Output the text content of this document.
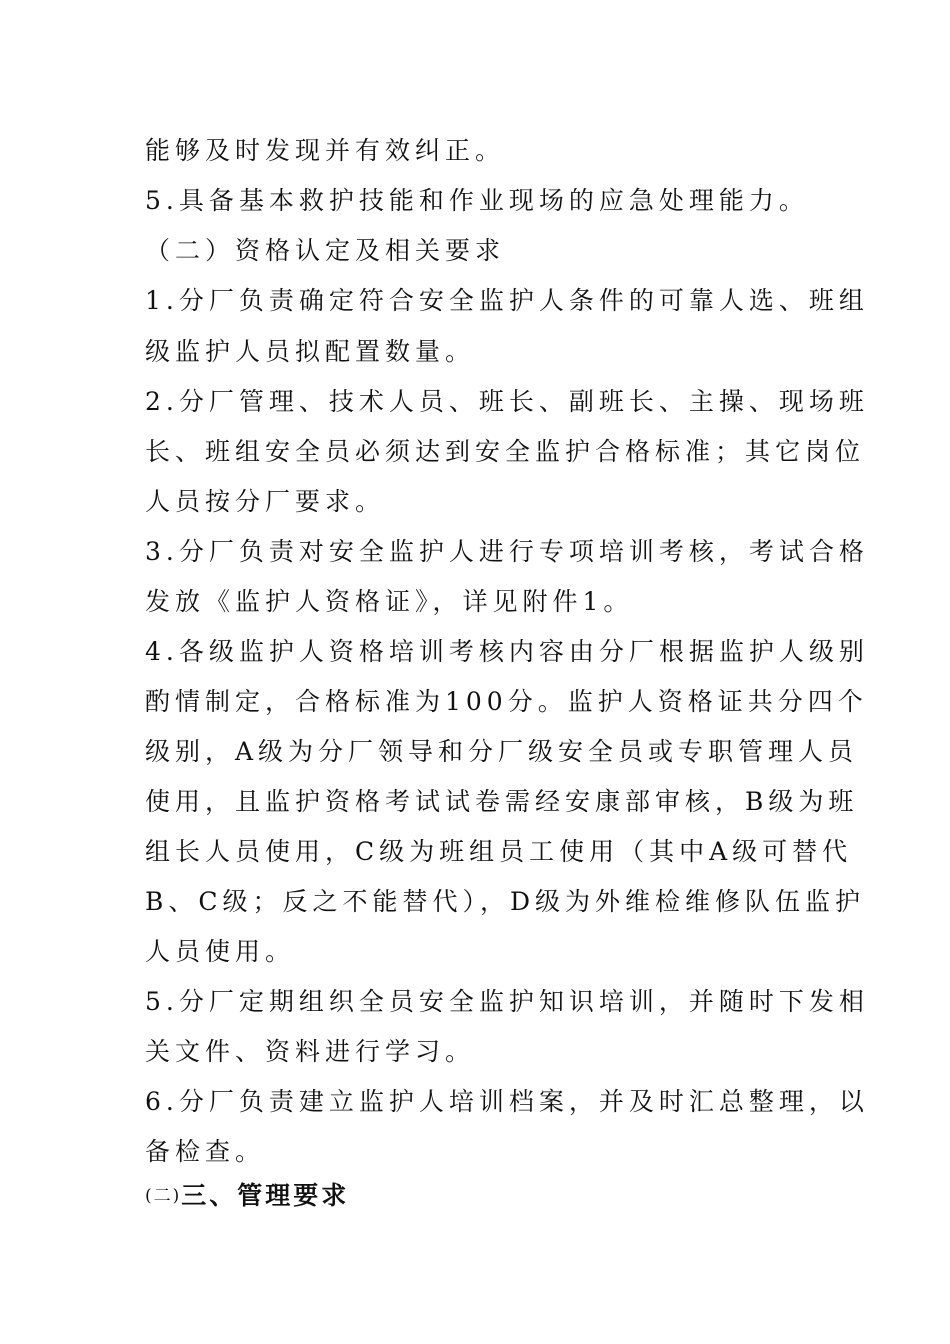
能够及时发现并有效纠正。
5.具备基本救护技能和作业现场的应急处理能力。
（二）资格认定及相关要求
1.分厂负责确定符合安全监护人条件的可靠人选、班组
级监护人员拟配置数量。
2.分厂管理、技术人员、班长、副班长、主操、现场班
长、班组安全员必须达到安全监护合格标准；其它岗位
人员按分厂要求。
3.分厂负责对安全监护人进行专项培训考核，考试合格
发放《监护人资格证》，详见附件1。
4.各级监护人资格培训考核内容由分厂根据监护人级别
酌情制定，合格标准为100分。监护人资格证共分四个
级别，A级为分厂领导和分厂级安全员或专职管理人员
使用，且监护资格考试试卷需经安康部审核，B级为班
组长人员使用，C级为班组员工使用（其中A级可替代
B、C级；反之不能替代），D级为外维检维修队伍监护
人员使用。
5.分厂定期组织全员安全监护知识培训，并随时下发相
关文件、资料进行学习。
6.分厂负责建立监护人培训档案，并及时汇总整理，以
备检查。
(二)三、管理要求
